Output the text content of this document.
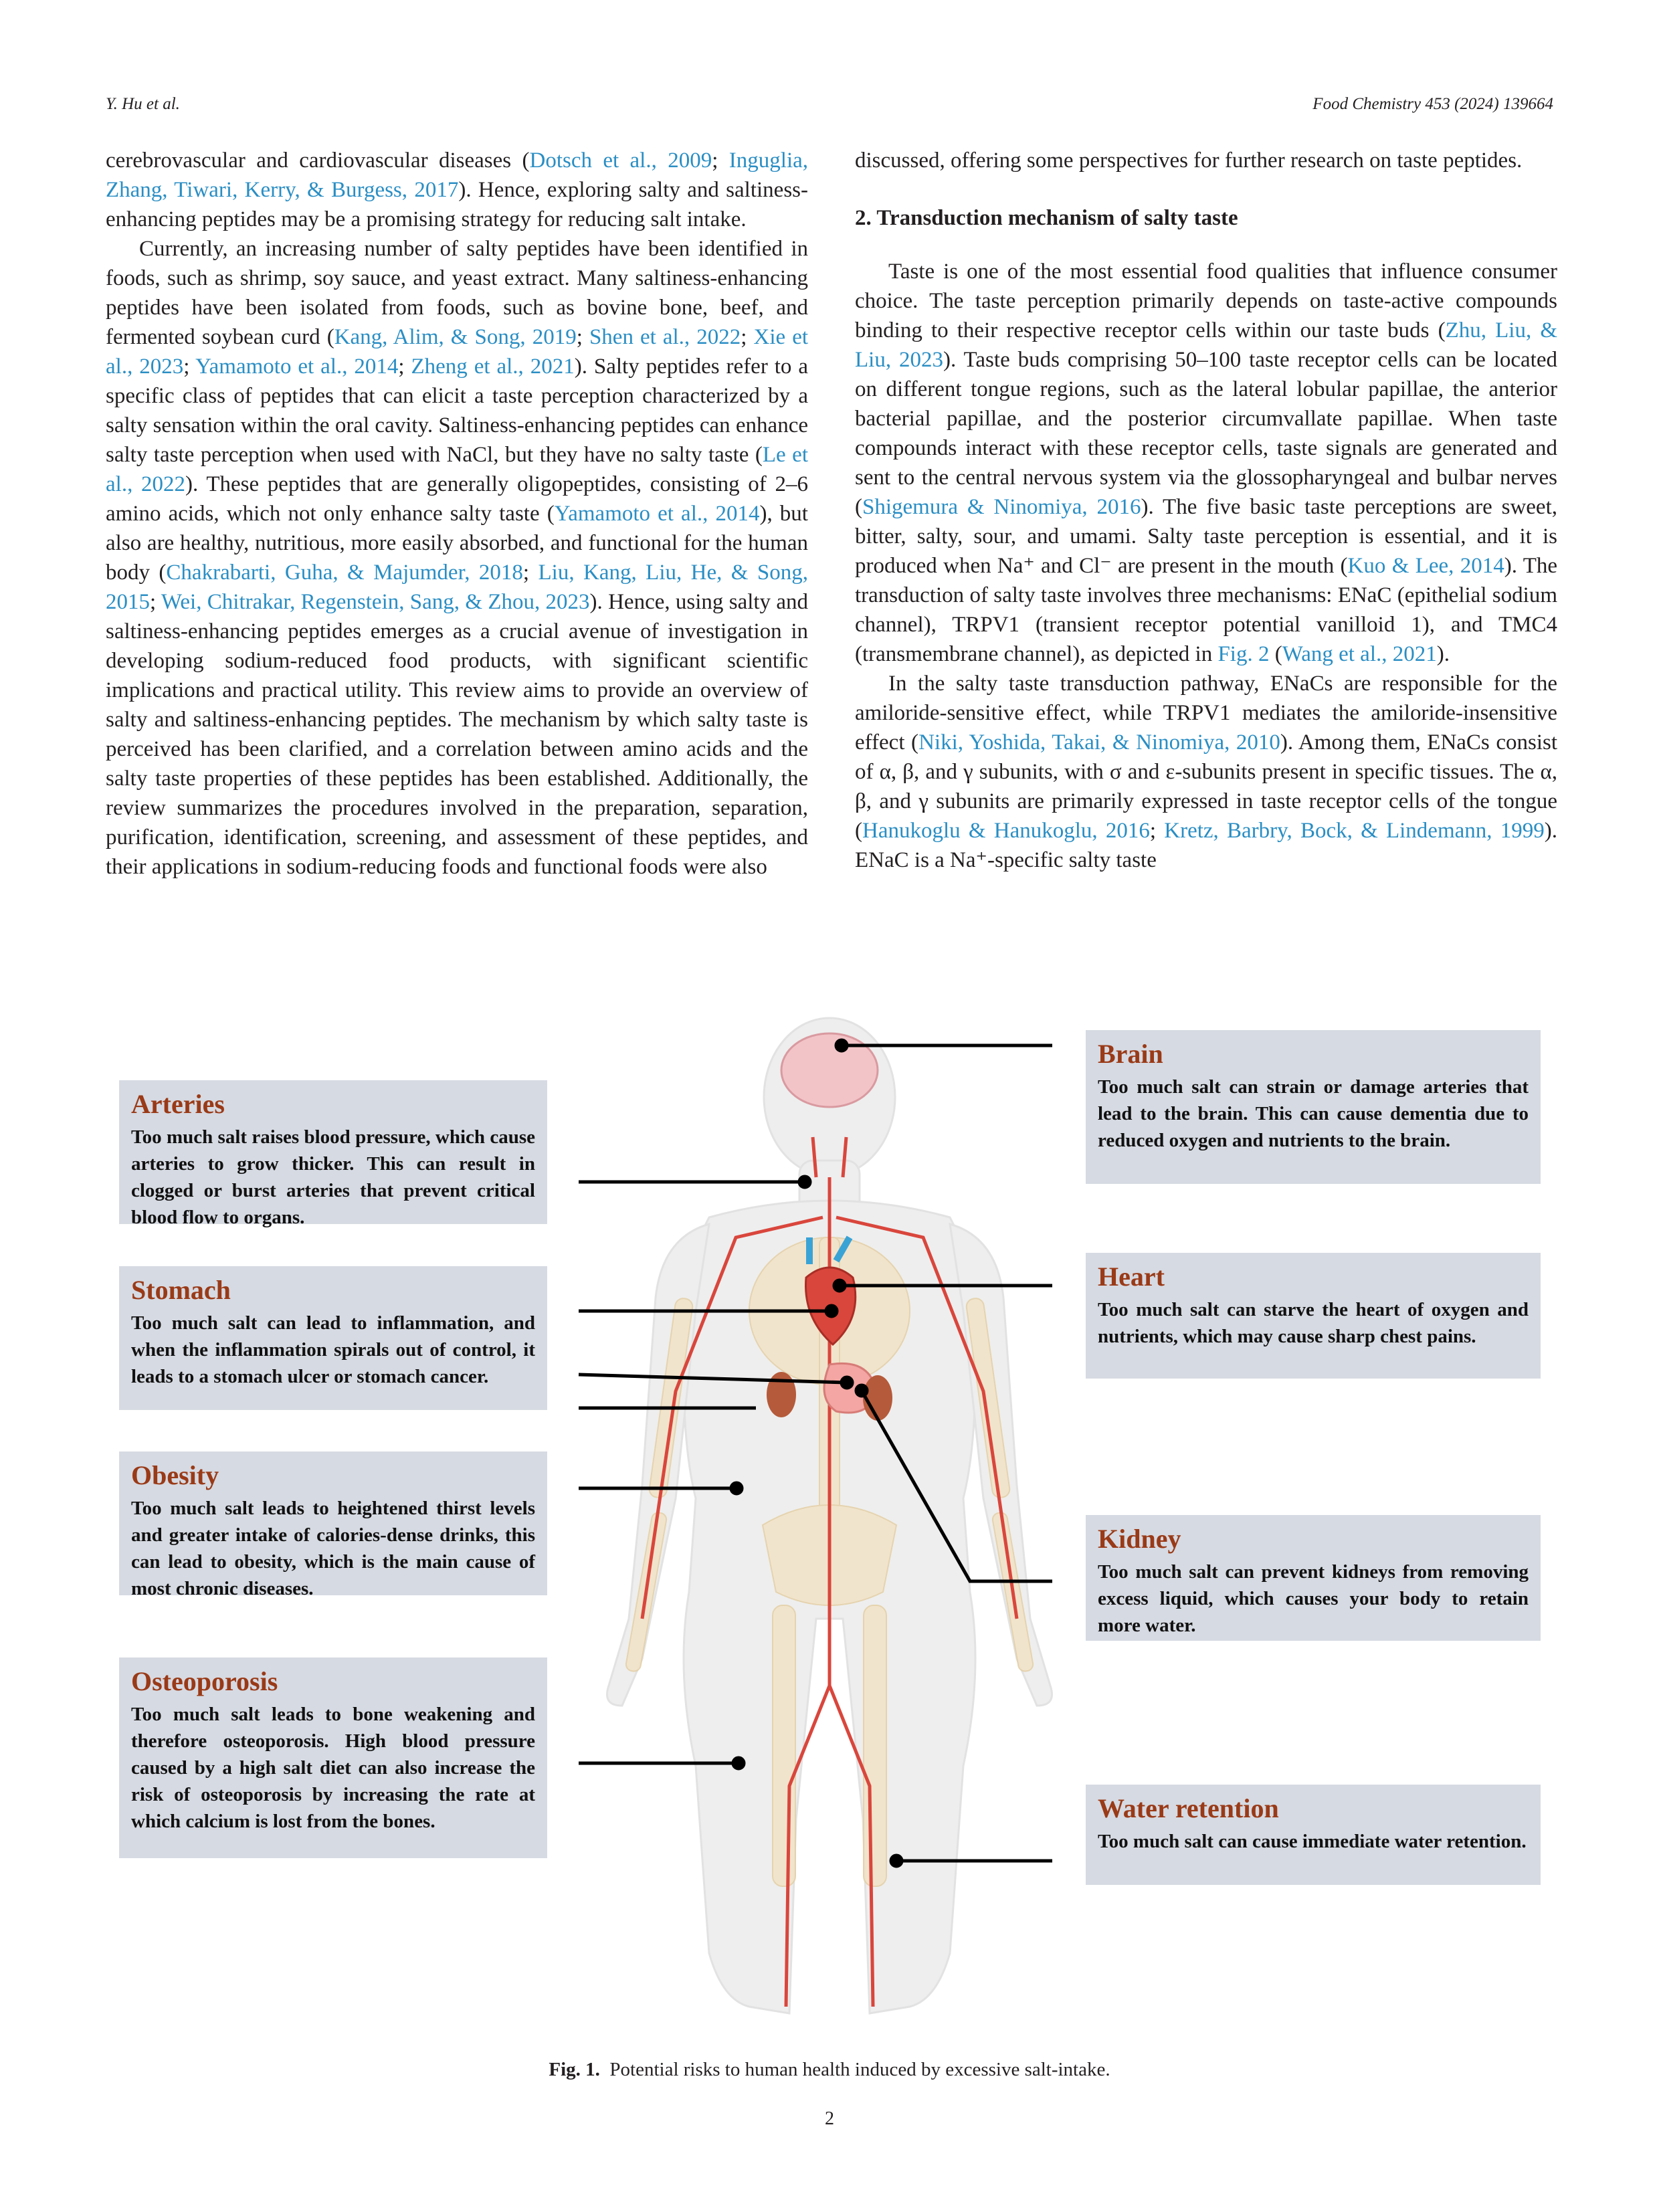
Y. Hu et al.	Food Chemistry 453 (2024) 139664

cerebrovascular and cardiovascular diseases (Dotsch et al., 2009; Inguglia, Zhang, Tiwari, Kerry, & Burgess, 2017). Hence, exploring salty and saltiness-enhancing peptides may be a promising strategy for reducing salt intake.

Currently, an increasing number of salty peptides have been identified in foods, such as shrimp, soy sauce, and yeast extract. Many saltiness-enhancing peptides have been isolated from foods, such as bovine bone, beef, and fermented soybean curd (Kang, Alim, & Song, 2019; Shen et al., 2022; Xie et al., 2023; Yamamoto et al., 2014; Zheng et al., 2021). Salty peptides refer to a specific class of peptides that can elicit a taste perception characterized by a salty sensation within the oral cavity. Saltiness-enhancing peptides can enhance salty taste perception when used with NaCl, but they have no salty taste (Le et al., 2022). These peptides that are generally oligopeptides, consisting of 2–6 amino acids, which not only enhance salty taste (Yamamoto et al., 2014), but also are healthy, nutritious, more easily absorbed, and functional for the human body (Chakrabarti, Guha, & Majumder, 2018; Liu, Kang, Liu, He, & Song, 2015; Wei, Chitrakar, Regenstein, Sang, & Zhou, 2023). Hence, using salty and saltiness-enhancing peptides emerges as a crucial avenue of investigation in developing sodium-reduced food products, with significant scientific implications and practical utility. This review aims to provide an overview of salty and saltiness-enhancing peptides. The mechanism by which salty taste is perceived has been clarified, and a correlation between amino acids and the salty taste properties of these peptides has been established. Additionally, the review summarizes the procedures involved in the preparation, separation, purification, identification, screening, and assessment of these peptides, and their applications in sodium-reducing foods and functional foods were also

discussed, offering some perspectives for further research on taste peptides.

2. Transduction mechanism of salty taste

Taste is one of the most essential food qualities that influence consumer choice. The taste perception primarily depends on taste-active compounds binding to their respective receptor cells within our taste buds (Zhu, Liu, & Liu, 2023). Taste buds comprising 50–100 taste receptor cells can be located on different tongue regions, such as the lateral lobular papillae, the anterior bacterial papillae, and the posterior circumvallate papillae. When taste compounds interact with these receptor cells, taste signals are generated and sent to the central nervous system via the glossopharyngeal and bulbar nerves (Shigemura & Ninomiya, 2016). The five basic taste perceptions are sweet, bitter, salty, sour, and umami. Salty taste perception is essential, and it is produced when Na⁺ and Cl⁻ are present in the mouth (Kuo & Lee, 2014). The transduction of salty taste involves three mechanisms: ENaC (epithelial sodium channel), TRPV1 (transient receptor potential vanilloid 1), and TMC4 (transmembrane channel), as depicted in Fig. 2 (Wang et al., 2021).

In the salty taste transduction pathway, ENaCs are responsible for the amiloride-sensitive effect, while TRPV1 mediates the amiloride-insensitive effect (Niki, Yoshida, Takai, & Ninomiya, 2010). Among them, ENaCs consist of α, β, and γ subunits, with σ and ε-subunits present in specific tissues. The α, β, and γ subunits are primarily expressed in taste receptor cells of the tongue (Hanukoglu & Hanukoglu, 2016; Kretz, Barbry, Bock, & Lindemann, 1999). ENaC is a Na⁺-specific salty taste

Arteries
Too much salt raises blood pressure, which cause arteries to grow thicker. This can result in clogged or burst arteries that prevent critical blood flow to organs.
Stomach
Too much salt can lead to inflammation, and when the inflammation spirals out of control, it leads to a stomach ulcer or stomach cancer.
Obesity
Too much salt leads to heightened thirst levels and greater intake of calories-dense drinks, this can lead to obesity, which is the main cause of most chronic diseases.
Osteoporosis
Too much salt leads to bone weakening and therefore osteoporosis. High blood pressure caused by a high salt diet can also increase the risk of osteoporosis by increasing the rate at which calcium is lost from the bones.
Brain
Too much salt can strain or damage arteries that lead to the brain. This can cause dementia due to reduced oxygen and nutrients to the brain.
Heart
Too much salt can starve the heart of oxygen and nutrients, which may cause sharp chest pains.
Kidney
Too much salt can prevent kidneys from removing excess liquid, which causes your body to retain more water.
Water retention
Too much salt can cause immediate water retention.
Fig. 1. Potential risks to human health induced by excessive salt-intake.
2
